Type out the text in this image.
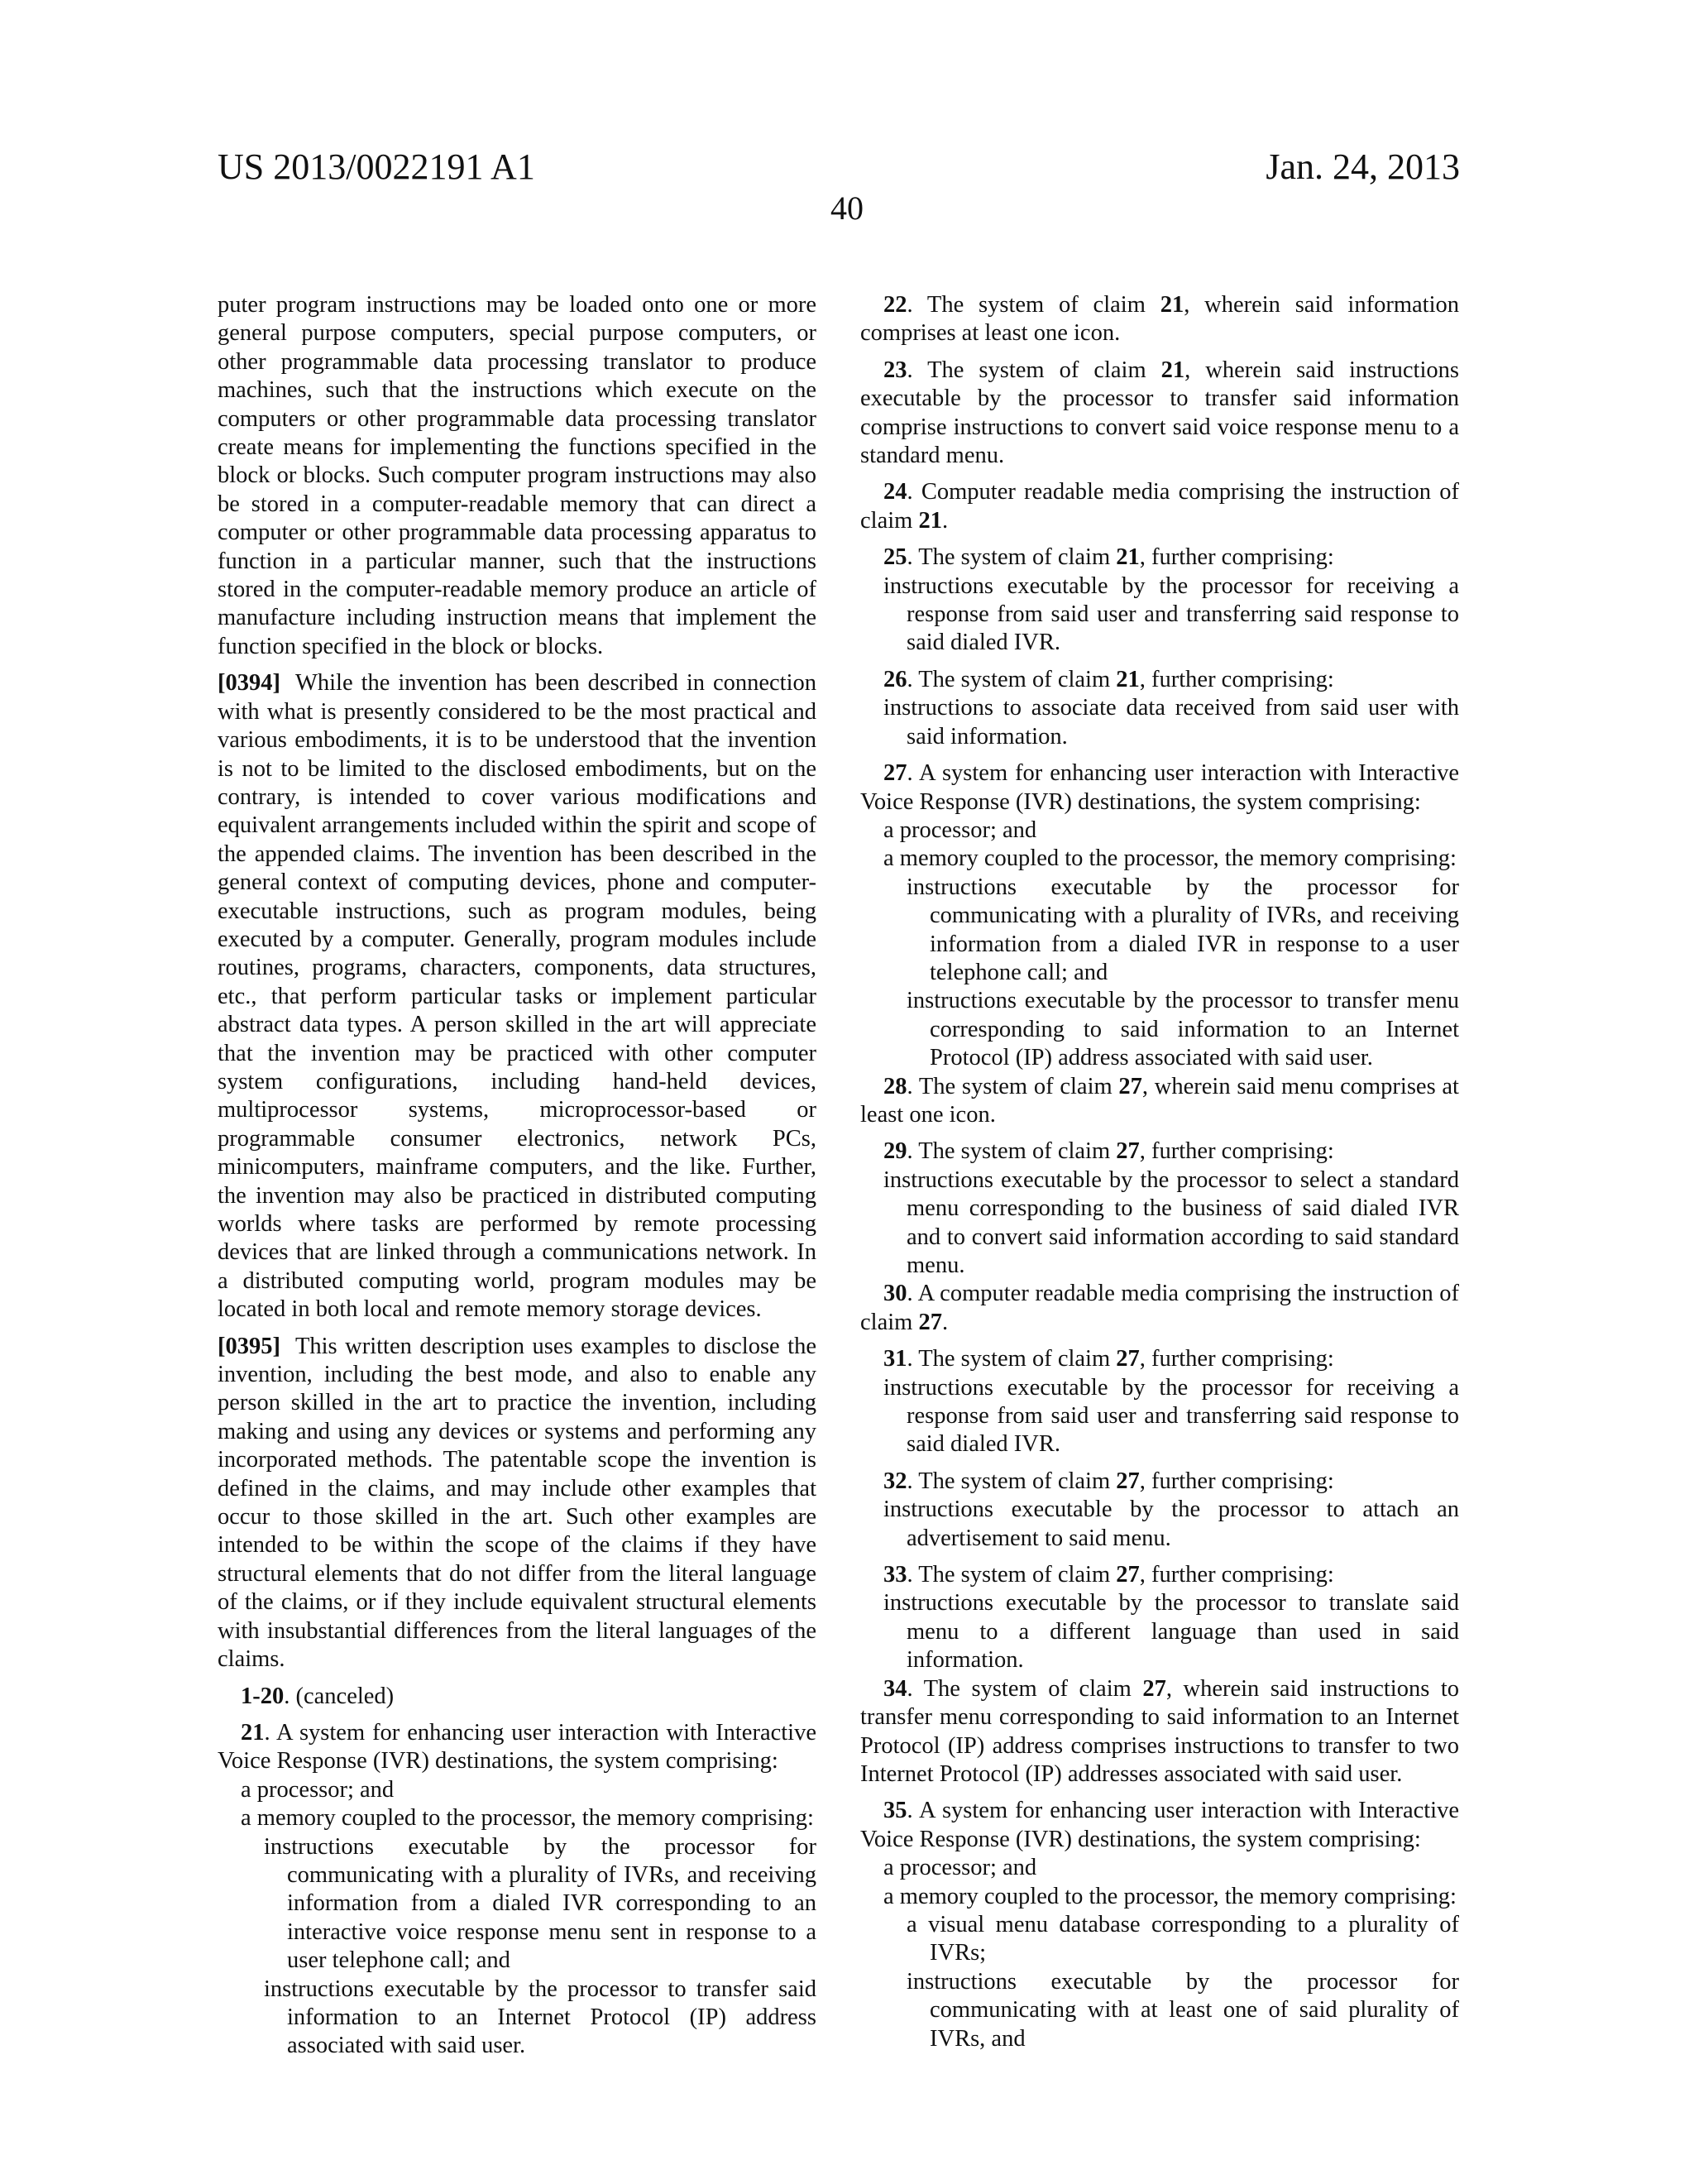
US 2013/0022191 A1	Jan. 24, 2013
40

puter program instructions may be loaded onto one or more general purpose computers, special purpose computers, or other programmable data processing translator to produce machines, such that the instructions which execute on the computers or other programmable data processing translator create means for implementing the functions specified in the block or blocks. Such computer program instructions may also be stored in a computer-readable memory that can direct a computer or other programmable data processing apparatus to function in a particular manner, such that the instructions stored in the computer-readable memory produce an article of manufacture including instruction means that implement the function specified in the block or blocks.

[0394] While the invention has been described in connection with what is presently considered to be the most practical and various embodiments, it is to be understood that the invention is not to be limited to the disclosed embodiments, but on the contrary, is intended to cover various modifications and equivalent arrangements included within the spirit and scope of the appended claims. The invention has been described in the general context of computing devices, phone and computer-executable instructions, such as program modules, being executed by a computer. Generally, program modules include routines, programs, characters, components, data structures, etc., that perform particular tasks or implement particular abstract data types. A person skilled in the art will appreciate that the invention may be practiced with other computer system configurations, including hand-held devices, multiprocessor systems, microprocessor-based or programmable consumer electronics, network PCs, minicomputers, mainframe computers, and the like. Further, the invention may also be practiced in distributed computing worlds where tasks are performed by remote processing devices that are linked through a communications network. In a distributed computing world, program modules may be located in both local and remote memory storage devices.

[0395] This written description uses examples to disclose the invention, including the best mode, and also to enable any person skilled in the art to practice the invention, including making and using any devices or systems and performing any incorporated methods. The patentable scope the invention is defined in the claims, and may include other examples that occur to those skilled in the art. Such other examples are intended to be within the scope of the claims if they have structural elements that do not differ from the literal language of the claims, or if they include equivalent structural elements with insubstantial differences from the literal languages of the claims.

1-20. (canceled)

21. A system for enhancing user interaction with Interactive Voice Response (IVR) destinations, the system comprising:

a processor; and
a memory coupled to the processor, the memory comprising:
instructions executable by the processor for communicating with a plurality of IVRs, and receiving information from a dialed IVR corresponding to an interactive voice response menu sent in response to a user telephone call; and
instructions executable by the processor to transfer said information to an Internet Protocol (IP) address associated with said user.

22. The system of claim 21, wherein said information comprises at least one icon.

23. The system of claim 21, wherein said instructions executable by the processor to transfer said information comprise instructions to convert said voice response menu to a standard menu.

24. Computer readable media comprising the instruction of claim 21.

25. The system of claim 21, further comprising:

instructions executable by the processor for receiving a response from said user and transferring said response to said dialed IVR.

26. The system of claim 21, further comprising:

instructions to associate data received from said user with said information.

27. A system for enhancing user interaction with Interactive Voice Response (IVR) destinations, the system comprising:

a processor; and
a memory coupled to the processor, the memory comprising:
instructions executable by the processor for communicating with a plurality of IVRs, and receiving information from a dialed IVR in response to a user telephone call; and
instructions executable by the processor to transfer menu corresponding to said information to an Internet Protocol (IP) address associated with said user.

28. The system of claim 27, wherein said menu comprises at least one icon.

29. The system of claim 27, further comprising:

instructions executable by the processor to select a standard menu corresponding to the business of said dialed IVR and to convert said information according to said standard menu.

30. A computer readable media comprising the instruction of claim 27.

31. The system of claim 27, further comprising:

instructions executable by the processor for receiving a response from said user and transferring said response to said dialed IVR.

32. The system of claim 27, further comprising:

instructions executable by the processor to attach an advertisement to said menu.

33. The system of claim 27, further comprising:

instructions executable by the processor to translate said menu to a different language than used in said information.

34. The system of claim 27, wherein said instructions to transfer menu corresponding to said information to an Internet Protocol (IP) address comprises instructions to transfer to two Internet Protocol (IP) addresses associated with said user.

35. A system for enhancing user interaction with Interactive Voice Response (IVR) destinations, the system comprising:

a processor; and
a memory coupled to the processor, the memory comprising:
a visual menu database corresponding to a plurality of IVRs;
instructions executable by the processor for communicating with at least one of said plurality of IVRs, and
